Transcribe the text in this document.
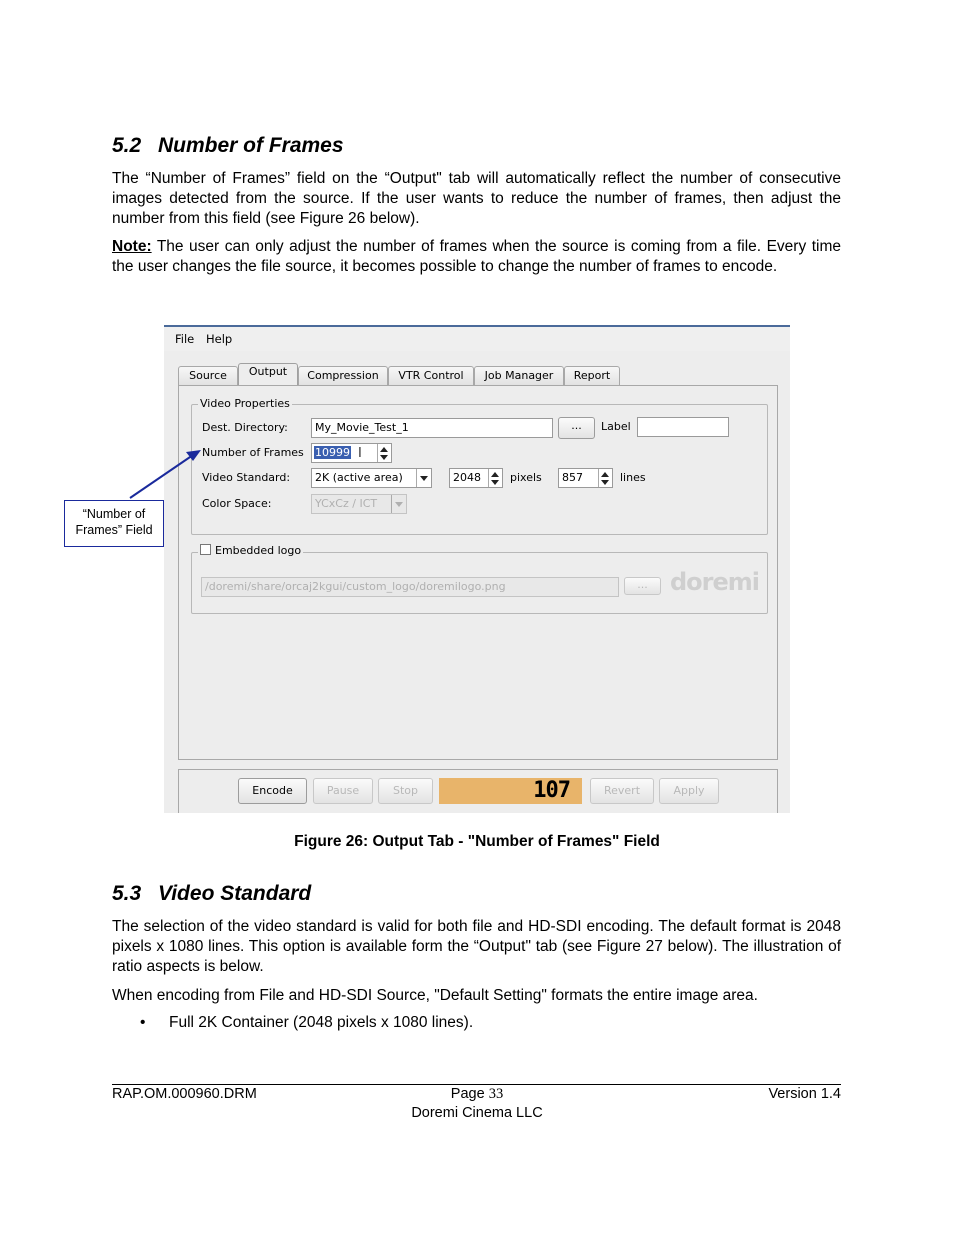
5.2 Number of Frames

The “Number of Frames” field on the “Output" tab will automatically reflect the number of consecutive images detected from the source. If the user wants to reduce the number of frames, then adjust the number from this field (see Figure 26 below).

Note: The user can only adjust the number of frames when the source is coming from a file. Every time the user changes the file source, it becomes possible to change the number of frames to encode.

File Help
Source	Output	Compression	VTR Control	Job Manager	Report
Video Properties
Dest. Directory:	My_Movie_Test_1	...	Label
Number of Frames	10999 I
Video Standard:	2K (active area)	2048	pixels	857	lines
Color Space:	YCxCz / ICT
Embedded logo
/doremi/share/orcaj2kgui/custom_logo/doremilogo.png	... doremi
Encode	Pause	Stop	107	Revert	Apply
“Number of
Frames” Field
Figure 26: Output Tab - "Number of Frames" Field
5.3 Video Standard

The selection of the video standard is valid for both file and HD-SDI encoding. The default format is 2048 pixels x 1080 lines. This option is available form the “Output" tab (see Figure 27 below). The illustration of ratio aspects is below.

When encoding from File and HD-SDI Source, "Default Setting" formats the entire image area.

• Full 2K Container (2048 pixels x 1080 lines).
RAP.OM.000960.DRM	Page 33
Doremi Cinema LLC
Version 1.4
